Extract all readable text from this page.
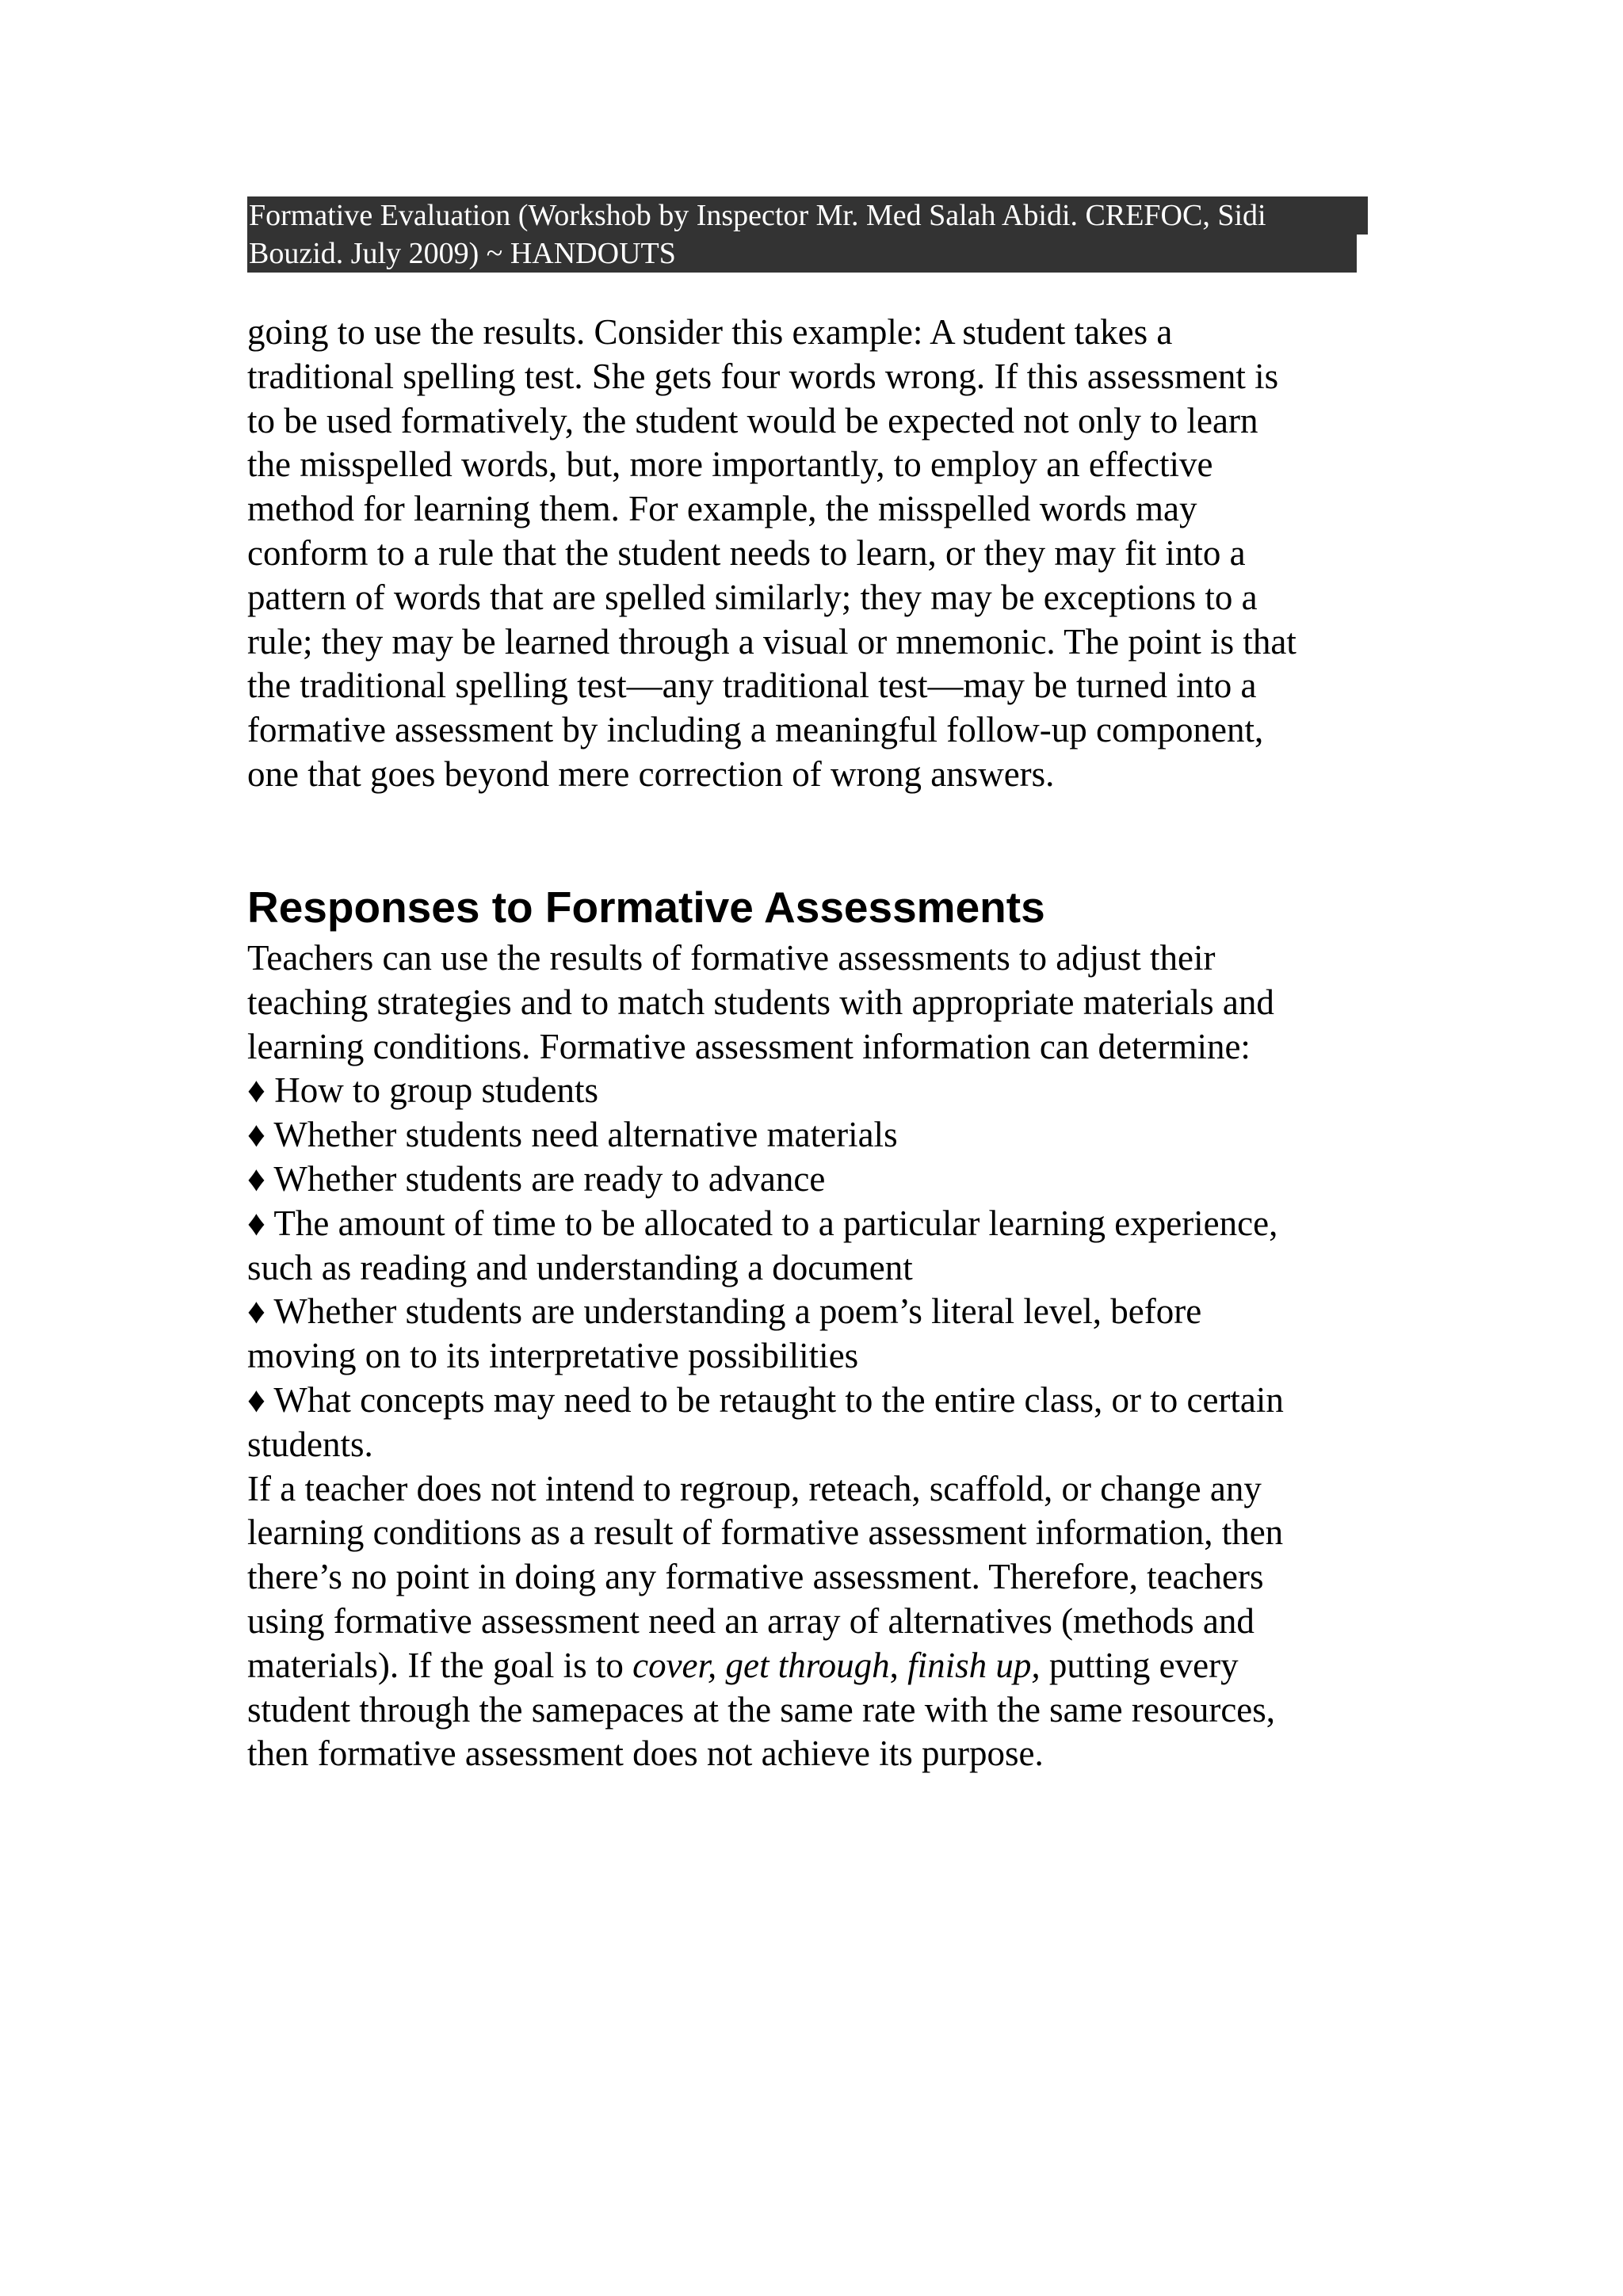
Formative Evaluation (Workshob by Inspector Mr. Med Salah Abidi. CREFOC, Sidi
Bouzid. July 2009) ~ HANDOUTS

going to use the results. Consider this example: A student takes a
traditional spelling test. She gets four words wrong. If this assessment is
to be used formatively, the student would be expected not only to learn
the misspelled words, but, more importantly, to employ an effective
method for learning them. For example, the misspelled words may
conform to a rule that the student needs to learn, or they may fit into a
pattern of words that are spelled similarly; they may be exceptions to a
rule; they may be learned through a visual or mnemonic. The point is that
the traditional spelling test—any traditional test—may be turned into a
formative assessment by including a meaningful follow-up component,
one that goes beyond mere correction of wrong answers.

Responses to Formative Assessments

Teachers can use the results of formative assessments to adjust their
teaching strategies and to match students with appropriate materials and
learning conditions. Formative assessment information can determine:

♦ How to group students
♦ Whether students need alternative materials
♦ Whether students are ready to advance
♦ The amount of time to be allocated to a particular learning experience,
such as reading and understanding a document
♦ Whether students are understanding a poem’s literal level, before
moving on to its interpretative possibilities
♦ What concepts may need to be retaught to the entire class, or to certain
students.

If a teacher does not intend to regroup, reteach, scaffold, or change any
learning conditions as a result of formative assessment information, then
there’s no point in doing any formative assessment. Therefore, teachers
using formative assessment need an array of alternatives (methods and
materials). If the goal is to cover, get through, finish up, putting every
student through the samepaces at the same rate with the same resources,
then formative assessment does not achieve its purpose.
